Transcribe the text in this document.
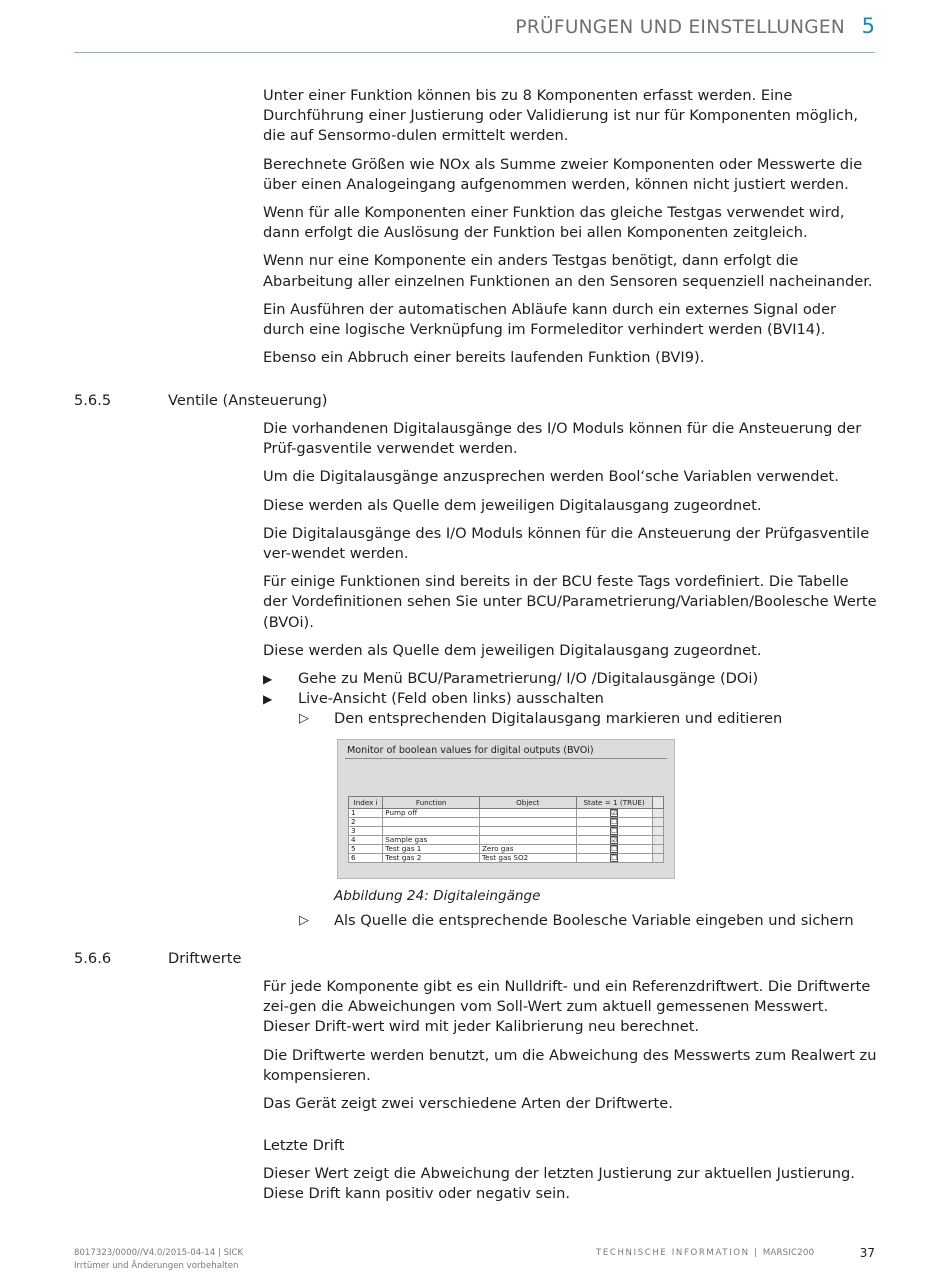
PRÜFUNGEN UND EINSTELLUNGEN 5

Unter einer Funktion können bis zu 8 Komponenten erfasst werden. Eine Durchführung einer Justierung oder Validierung ist nur für Komponenten möglich, die auf Sensormo-dulen ermittelt werden.

Berechnete Größen wie NOx als Summe zweier Komponenten oder Messwerte die über einen Analogeingang aufgenommen werden, können nicht justiert werden.

Wenn für alle Komponenten einer Funktion das gleiche Testgas verwendet wird, dann erfolgt die Auslösung der Funktion bei allen Komponenten zeitgleich.

Wenn nur eine Komponente ein anders Testgas benötigt, dann erfolgt die Abarbeitung aller einzelnen Funktionen an den Sensoren sequenziell nacheinander.

Ein Ausführen der automatischen Abläufe kann durch ein externes Signal oder durch eine logische Verknüpfung im Formeleditor verhindert werden (BVI14).

Ebenso ein Abbruch einer bereits laufenden Funktion (BVI9).

5.6.5	Ventile (Ansteuerung)

Die vorhandenen Digitalausgänge des I/O Moduls können für die Ansteuerung der Prüf-gasventile verwendet werden.

Um die Digitalausgänge anzusprechen werden Bool‘sche Variablen verwendet.

Diese werden als Quelle dem jeweiligen Digitalausgang zugeordnet.

Die Digitalausgänge des I/O Moduls können für die Ansteuerung der Prüfgasventile ver-wendet werden.

Für einige Funktionen sind bereits in der BCU feste Tags vordefiniert. Die Tabelle der Vordefinitionen sehen Sie unter BCU/Parametrierung/Variablen/Boolesche Werte (BVOi).

Diese werden als Quelle dem jeweiligen Digitalausgang zugeordnet.

▶	Gehe zu Menü BCU/Parametrierung/ I/O /Digitalausgänge (DOi)
▶	Live-Ansicht (Feld oben links) ausschalten
▷	Den entsprechenden Digitalausgang markieren und editieren
Monitor of boolean values for digital outputs (BVOi)
Index i	Function	Object	State = 1 (TRUE)	
1	Pump off		☑	
2			☐	
3			☐	
4	Sample gas		☑	
5	Test gas 1	Zero gas	☐	
6	Test gas 2	Test gas SO2	☐	
Abbildung 24: Digitaleingänge
▷	Als Quelle die entsprechende Boolesche Variable eingeben und sichern
5.6.6	Driftwerte

Für jede Komponente gibt es ein Nulldrift- und ein Referenzdriftwert. Die Driftwerte zei-gen die Abweichungen vom Soll-Wert zum aktuell gemessenen Messwert. Dieser Drift-wert wird mit jeder Kalibrierung neu berechnet.

Die Driftwerte werden benutzt, um die Abweichung des Messwerts zum Realwert zu kompensieren.

Das Gerät zeigt zwei verschiedene Arten der Driftwerte.

Letzte Drift

Dieser Wert zeigt die Abweichung der letzten Justierung zur aktuellen Justierung. Diese Drift kann positiv oder negativ sein.

8017323/0000//V4.0/2015-04-14 | SICK
Irrtümer und Änderungen vorbehalten
TECHNISCHE INFORMATION | MARSIC200	37
